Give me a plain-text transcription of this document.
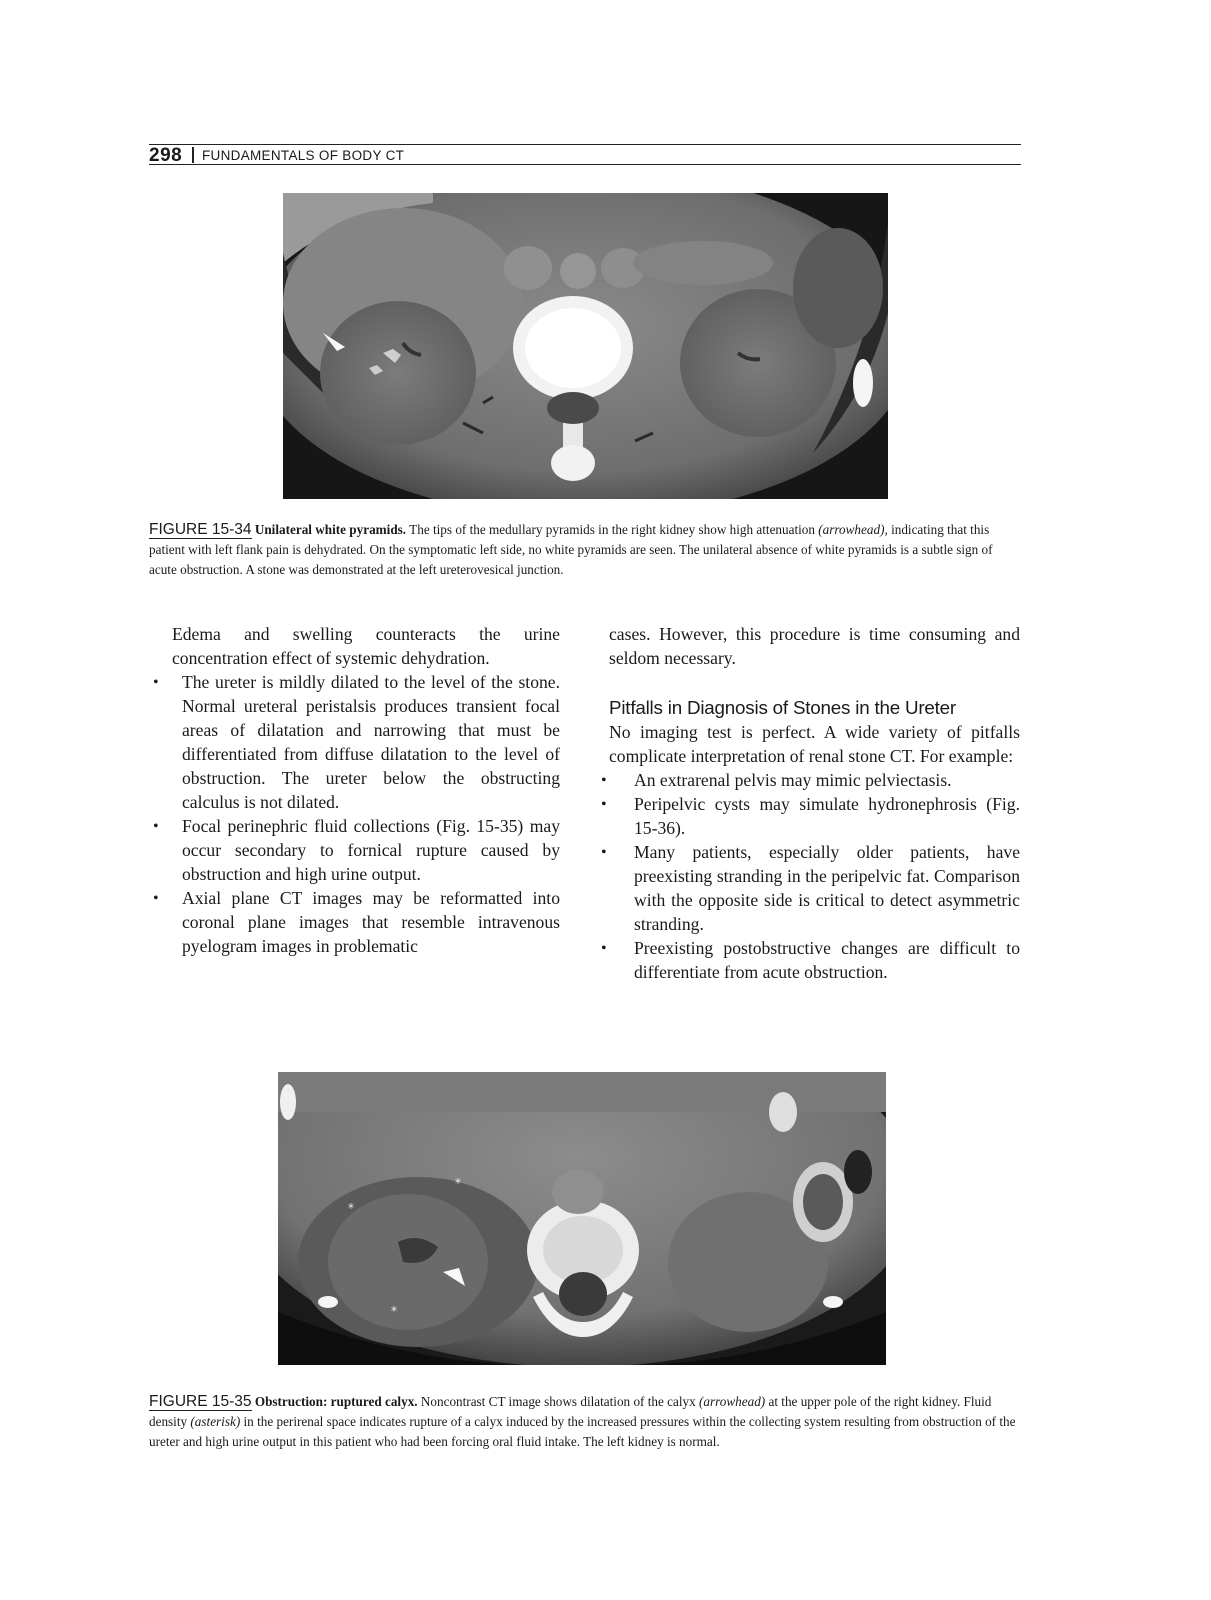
298 FUNDAMENTALS OF BODY CT
FIGURE 15-34 Unilateral white pyramids. The tips of the medullary pyramids in the right kidney show high attenuation (arrowhead), indicating that this patient with left flank pain is dehydrated. On the symptomatic left side, no white pyramids are seen. The unilateral absence of white pyramids is a subtle sign of acute obstruction. A stone was demonstrated at the left ureterovesical junction.

Edema and swelling counteracts the urine concentration effect of systemic dehydration.

• The ureter is mildly dilated to the level of the stone. Normal ureteral peristalsis produces transient focal areas of dilatation and narrowing that must be differentiated from diffuse dilatation to the level of obstruction. The ureter below the obstructing calculus is not dilated.
• Focal perinephric fluid collections (Fig. 15-35) may occur secondary to fornical rupture caused by obstruction and high urine output.
• Axial plane CT images may be reformatted into coronal plane images that resemble intravenous pyelogram images in problematic

cases. However, this procedure is time consuming and seldom necessary.

Pitfalls in Diagnosis of Stones in the Ureter

No imaging test is perfect. A wide variety of pitfalls complicate interpretation of renal stone CT. For example:

• An extrarenal pelvis may mimic pelviectasis.
• Peripelvic cysts may simulate hydronephrosis (Fig. 15-36).
• Many patients, especially older patients, have preexisting stranding in the peripelvic fat. Comparison with the opposite side is critical to detect asymmetric stranding.
• Preexisting postobstructive changes are difficult to differentiate from acute obstruction.
*
*
*
FIGURE 15-35 Obstruction: ruptured calyx. Noncontrast CT image shows dilatation of the calyx (arrowhead) at the upper pole of the right kidney. Fluid density (asterisk) in the perirenal space indicates rupture of a calyx induced by the increased pressures within the collecting system resulting from obstruction of the ureter and high urine output in this patient who had been forcing oral fluid intake. The left kidney is normal.
